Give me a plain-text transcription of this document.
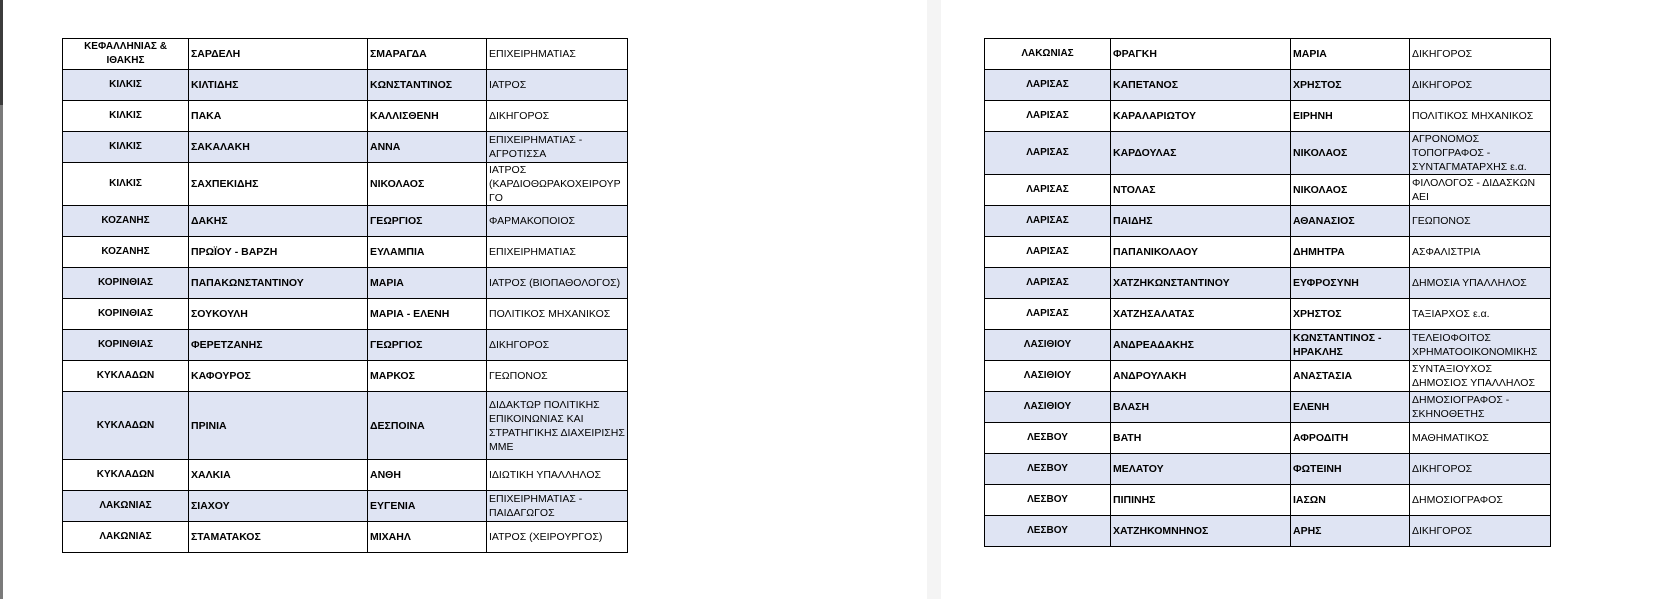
ΚΕΦΑΛΛΗΝΙΑΣ & ΙΘΑΚΗΣ	ΣΑΡΔΕΛΗ	ΣΜΑΡΑΓΔΑ	ΕΠΙΧΕΙΡΗΜΑΤΙΑΣ
ΚΙΛΚΙΣ	ΚΙΛΤΙΔΗΣ	ΚΩΝΣΤΑΝΤΙΝΟΣ	ΙΑΤΡΟΣ
ΚΙΛΚΙΣ	ΠΑΚΑ	ΚΑΛΛΙΣΘΕΝΗ	ΔΙΚΗΓΟΡΟΣ
ΚΙΛΚΙΣ	ΣΑΚΑΛΑΚΗ	ΑΝΝΑ	ΕΠΙΧΕΙΡΗΜΑΤΙΑΣ - ΑΓΡΟΤΙΣΣΑ
ΚΙΛΚΙΣ	ΣΑΧΠΕΚΙΔΗΣ	ΝΙΚΟΛΑΟΣ	ΙΑΤΡΟΣ (ΚΑΡΔΙΟΘΩΡΑΚΟΧΕΙΡΟΥΡΓΟ
ΚΟΖΑΝΗΣ	ΔΑΚΗΣ	ΓΕΩΡΓΙΟΣ	ΦΑΡΜΑΚΟΠΟΙΟΣ
ΚΟΖΑΝΗΣ	ΠΡΩΪΟΥ - ΒΑΡΖΗ	ΕΥΛΑΜΠΙΑ	ΕΠΙΧΕΙΡΗΜΑΤΙΑΣ
ΚΟΡΙΝΘΙΑΣ	ΠΑΠΑΚΩΝΣΤΑΝΤΙΝΟΥ	ΜΑΡΙΑ	ΙΑΤΡΟΣ (ΒΙΟΠΑΘΟΛΟΓΟΣ)
ΚΟΡΙΝΘΙΑΣ	ΣΟΥΚΟΥΛΗ	ΜΑΡΙΑ - ΕΛΕΝΗ	ΠΟΛΙΤΙΚΟΣ ΜΗΧΑΝΙΚΟΣ
ΚΟΡΙΝΘΙΑΣ	ΦΕΡΕΤΖΑΝΗΣ	ΓΕΩΡΓΙΟΣ	ΔΙΚΗΓΟΡΟΣ
ΚΥΚΛΑΔΩΝ	ΚΑΦΟΥΡΟΣ	ΜΑΡΚΟΣ	ΓΕΩΠΟΝΟΣ
ΚΥΚΛΑΔΩΝ	ΠΡΙΝΙΑ	ΔΕΣΠΟΙΝΑ	ΔΙΔΑΚΤΩΡ ΠΟΛΙΤΙΚΗΣ ΕΠΙΚΟΙΝΩΝΙΑΣ ΚΑΙ ΣΤΡΑΤΗΓΙΚΗΣ ΔΙΑΧΕΙΡΙΣΗΣ ΜΜΕ
ΚΥΚΛΑΔΩΝ	ΧΑΛΚΙΑ	ΑΝΘΗ	ΙΔΙΩΤΙΚΗ ΥΠΑΛΛΗΛΟΣ
ΛΑΚΩΝΙΑΣ	ΣΙΑΧΟΥ	ΕΥΓΕΝΙΑ	ΕΠΙΧΕΙΡΗΜΑΤΙΑΣ - ΠΑΙΔΑΓΩΓΟΣ
ΛΑΚΩΝΙΑΣ	ΣΤΑΜΑΤΑΚΟΣ	ΜΙΧΑΗΛ	ΙΑΤΡΟΣ (ΧΕΙΡΟΥΡΓΟΣ)
ΛΑΚΩΝΙΑΣ	ΦΡΑΓΚΗ	ΜΑΡΙΑ	ΔΙΚΗΓΟΡΟΣ
ΛΑΡΙΣΑΣ	ΚΑΠΕΤΑΝΟΣ	ΧΡΗΣΤΟΣ	ΔΙΚΗΓΟΡΟΣ
ΛΑΡΙΣΑΣ	ΚΑΡΑΛΑΡΙΩΤΟΥ	ΕΙΡΗΝΗ	ΠΟΛΙΤΙΚΟΣ ΜΗΧΑΝΙΚΟΣ
ΛΑΡΙΣΑΣ	ΚΑΡΔΟΥΛΑΣ	ΝΙΚΟΛΑΟΣ	ΑΓΡΟΝΟΜΟΣ ΤΟΠΟΓΡΑΦΟΣ - ΣΥΝΤΑΓΜΑΤΑΡΧΗΣ ε.α.
ΛΑΡΙΣΑΣ	ΝΤΟΛΑΣ	ΝΙΚΟΛΑΟΣ	ΦΙΛΟΛΟΓΟΣ - ΔΙΔΑΣΚΩΝ ΑΕΙ
ΛΑΡΙΣΑΣ	ΠΑΙΔΗΣ	ΑΘΑΝΑΣΙΟΣ	ΓΕΩΠΟΝΟΣ
ΛΑΡΙΣΑΣ	ΠΑΠΑΝΙΚΟΛΑΟΥ	ΔΗΜΗΤΡΑ	ΑΣΦΑΛΙΣΤΡΙΑ
ΛΑΡΙΣΑΣ	ΧΑΤΖΗΚΩΝΣΤΑΝΤΙΝΟΥ	ΕΥΦΡΟΣΥΝΗ	ΔΗΜΟΣΙΑ ΥΠΑΛΛΗΛΟΣ
ΛΑΡΙΣΑΣ	ΧΑΤΖΗΣΑΛΑΤΑΣ	ΧΡΗΣΤΟΣ	ΤΑΞΙΑΡΧΟΣ ε.α.
ΛΑΣΙΘΙΟΥ	ΑΝΔΡΕΑΔΑΚΗΣ	ΚΩΝΣΤΑΝΤΙΝΟΣ - ΗΡΑΚΛΗΣ	ΤΕΛΕΙΟΦΟΙΤΟΣ ΧΡΗΜΑΤΟΟΙΚΟΝΟΜΙΚΗΣ
ΛΑΣΙΘΙΟΥ	ΑΝΔΡΟΥΛΑΚΗ	ΑΝΑΣΤΑΣΙΑ	ΣΥΝΤΑΞΙΟΥΧΟΣ ΔΗΜΟΣΙΟΣ ΥΠΑΛΛΗΛΟΣ
ΛΑΣΙΘΙΟΥ	ΒΛΑΣΗ	ΕΛΕΝΗ	ΔΗΜΟΣΙΟΓΡΑΦΟΣ - ΣΚΗΝΟΘΕΤΗΣ
ΛΕΣΒΟΥ	ΒΑΤΗ	ΑΦΡΟΔΙΤΗ	ΜΑΘΗΜΑΤΙΚΟΣ
ΛΕΣΒΟΥ	ΜΕΛΑΤΟΥ	ΦΩΤΕΙΝΗ	ΔΙΚΗΓΟΡΟΣ
ΛΕΣΒΟΥ	ΠΙΠΙΝΗΣ	ΙΑΣΩΝ	ΔΗΜΟΣΙΟΓΡΑΦΟΣ
ΛΕΣΒΟΥ	ΧΑΤΖΗΚΟΜΝΗΝΟΣ	ΑΡΗΣ	ΔΙΚΗΓΟΡΟΣ
